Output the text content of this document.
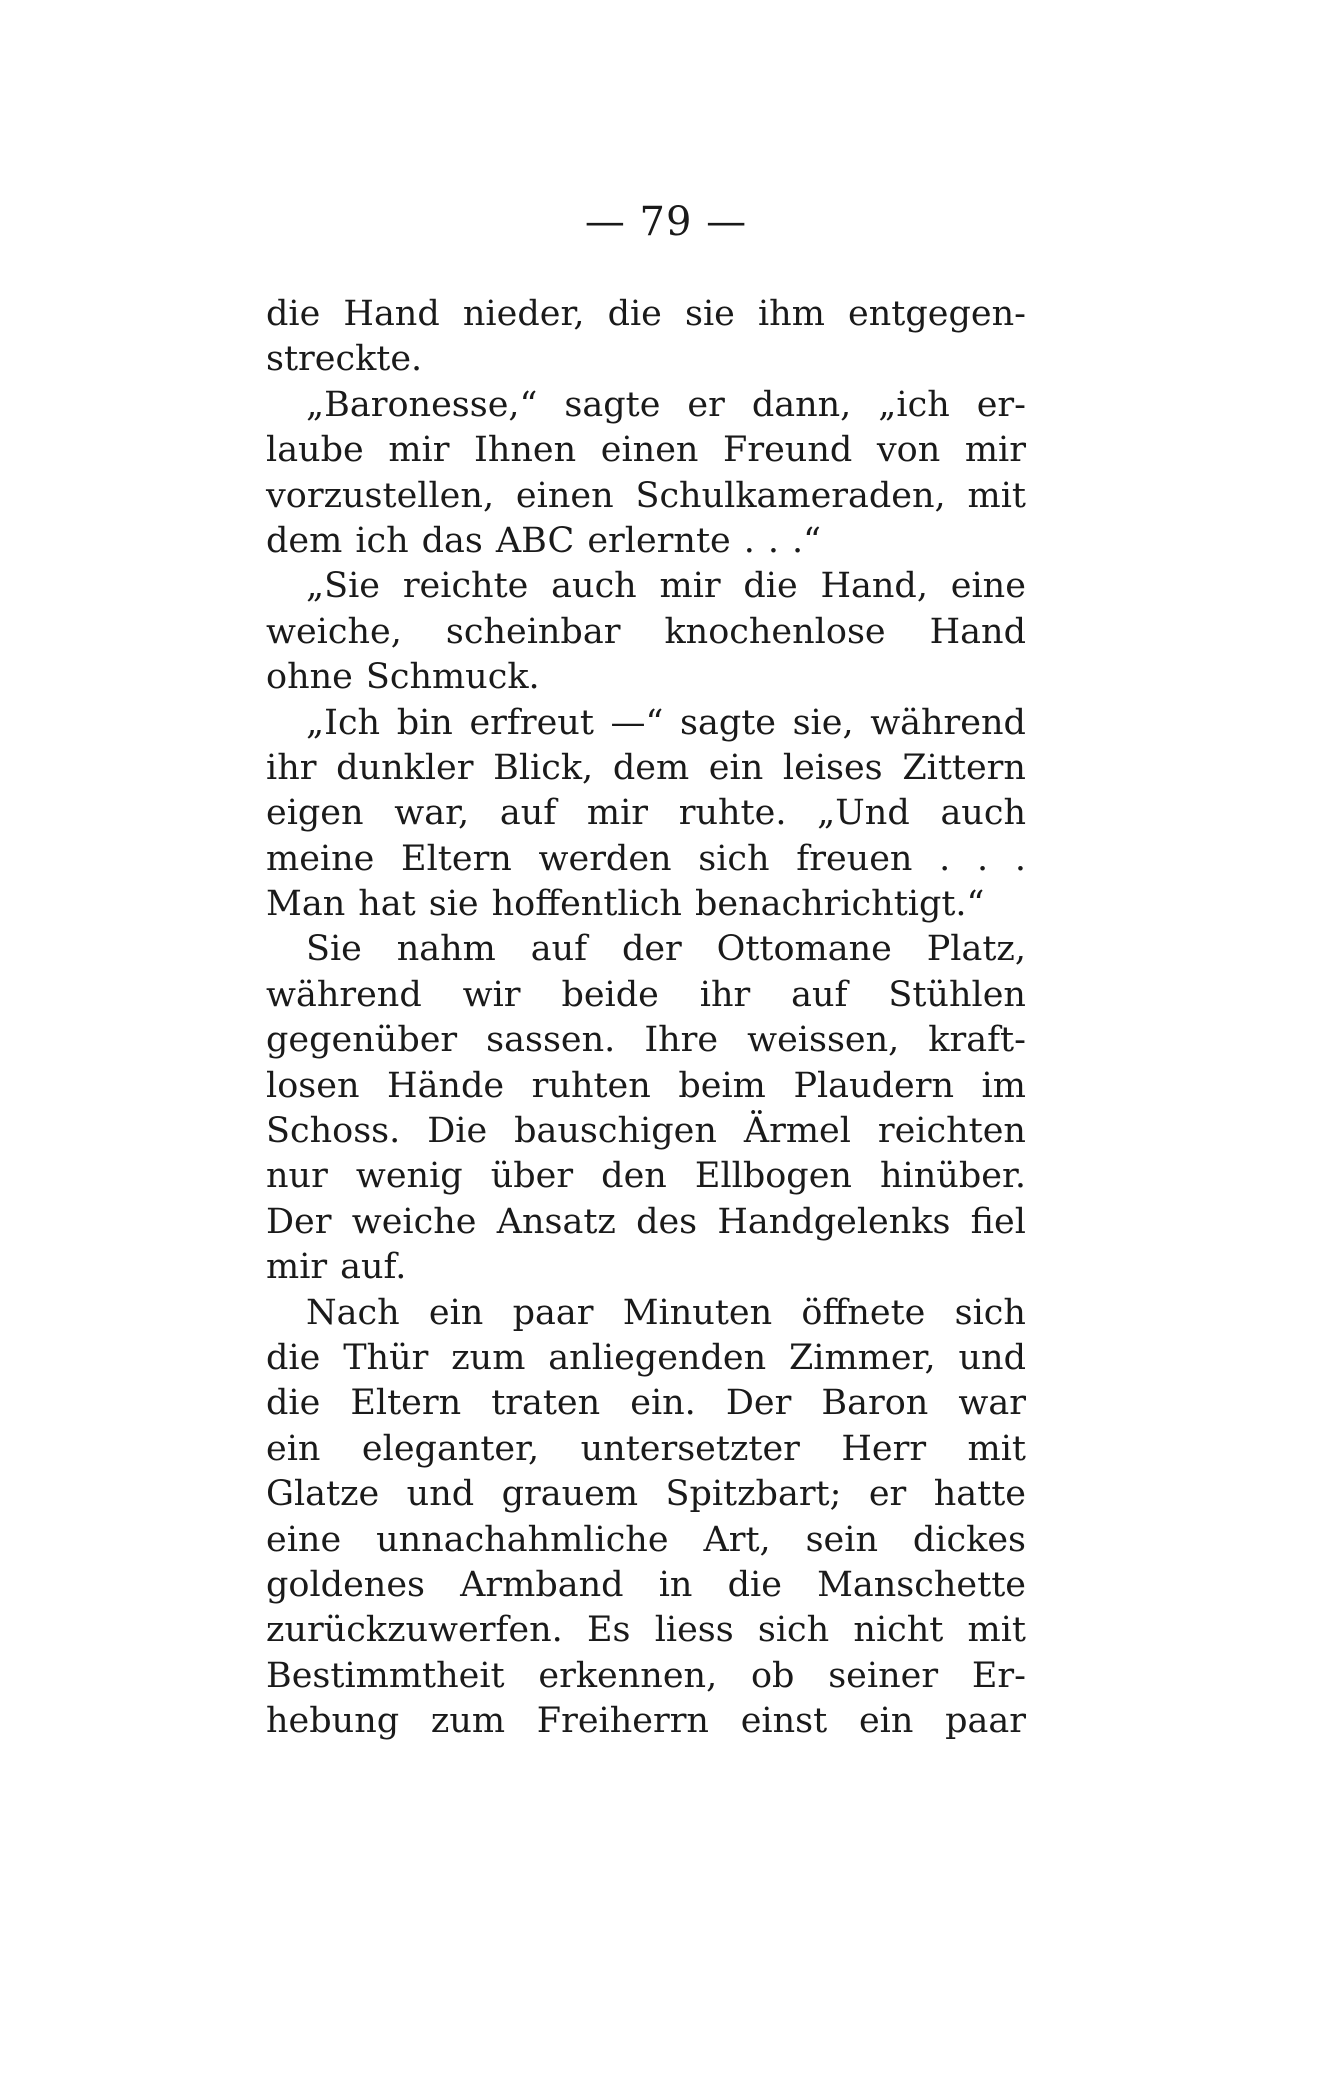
— 79 —
die Hand nieder, die sie ihm entgegen-
streckte.
„Baronesse,“ sagte er dann, „ich er-
laube mir Ihnen einen Freund von mir
vorzustellen, einen Schulkameraden, mit
dem ich das ABC erlernte . . .“
„Sie reichte auch mir die Hand, eine
weiche, scheinbar knochenlose Hand
ohne Schmuck.
„Ich bin erfreut —“ sagte sie, während
ihr dunkler Blick, dem ein leises Zittern
eigen war, auf mir ruhte. „Und auch
meine Eltern werden sich freuen . . .
Man hat sie hoffentlich benachrichtigt.“
Sie nahm auf der Ottomane Platz,
während wir beide ihr auf Stühlen
gegenüber sassen. Ihre weissen, kraft-
losen Hände ruhten beim Plaudern im
Schoss. Die bauschigen Ärmel reichten
nur wenig über den Ellbogen hinüber.
Der weiche Ansatz des Handgelenks fiel
mir auf.
Nach ein paar Minuten öffnete sich
die Thür zum anliegenden Zimmer, und
die Eltern traten ein. Der Baron war
ein eleganter, untersetzter Herr mit
Glatze und grauem Spitzbart; er hatte
eine unnachahmliche Art, sein dickes
goldenes Armband in die Manschette
zurückzuwerfen. Es liess sich nicht mit
Bestimmtheit erkennen, ob seiner Er-
hebung zum Freiherrn einst ein paar
